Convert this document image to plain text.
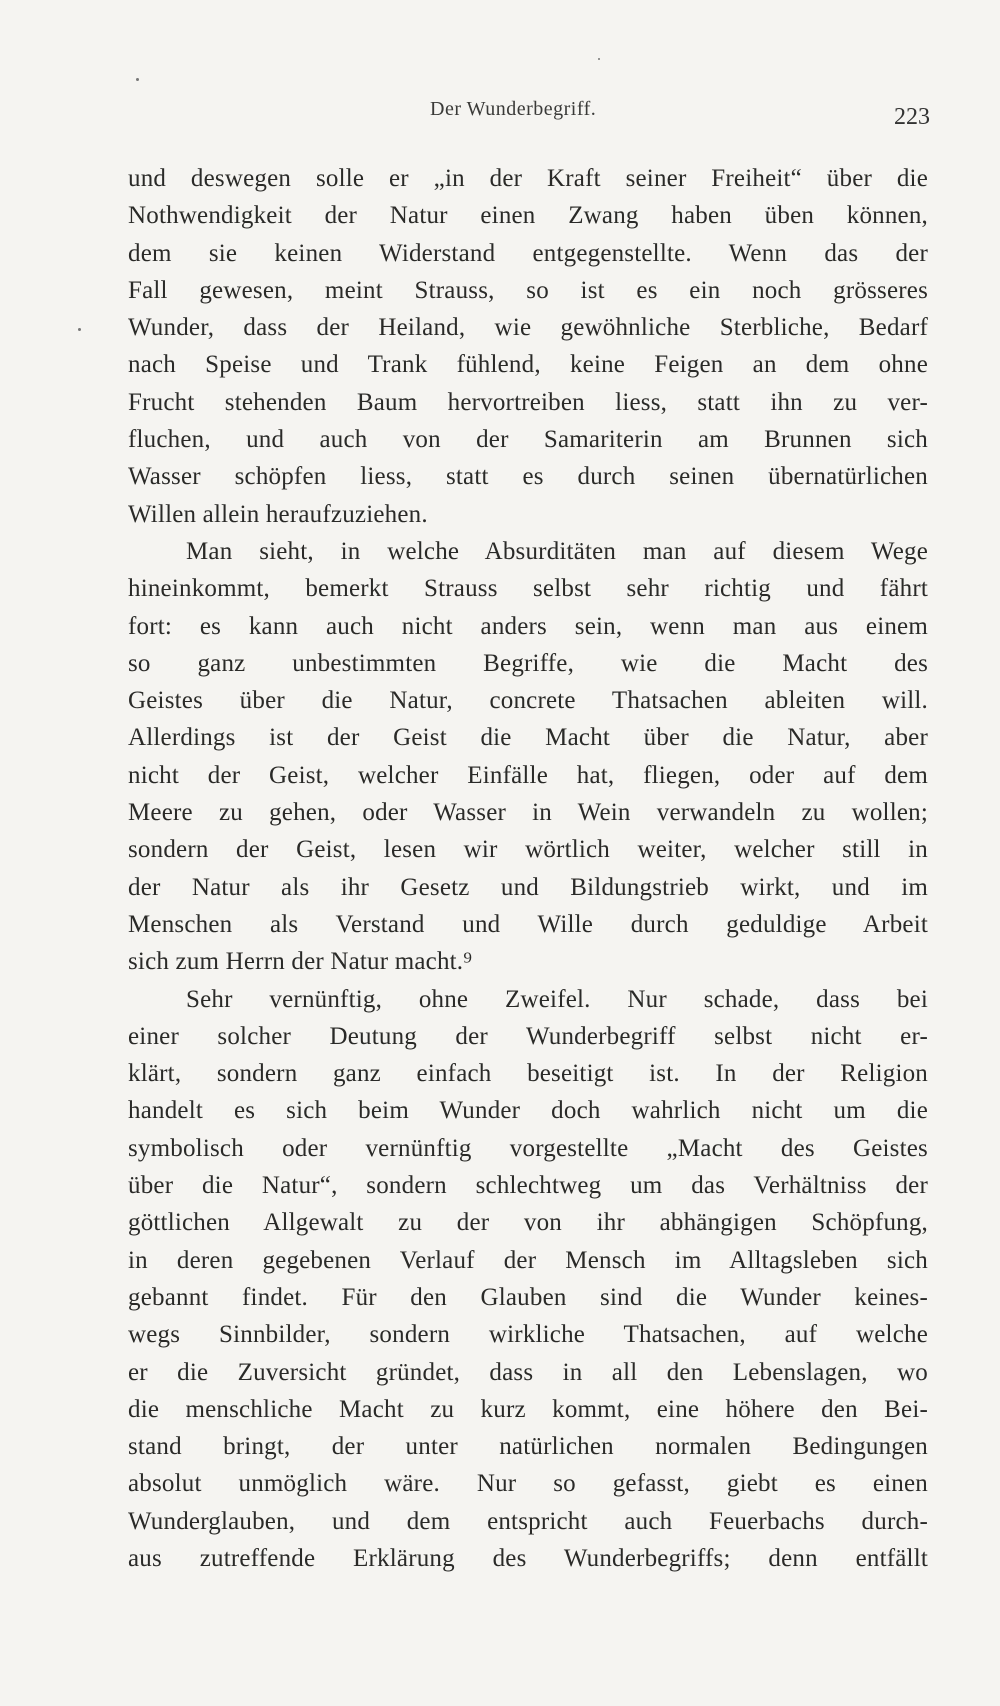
Der Wunderbegriff.	223
und deswegen solle er „in der Kraft seiner Freiheit“ über die
Nothwendigkeit der Natur einen Zwang haben üben können,
dem sie keinen Widerstand entgegenstellte. Wenn das der
Fall gewesen, meint Strauss, so ist es ein noch grösseres
Wunder, dass der Heiland, wie gewöhnliche Sterbliche, Bedarf
nach Speise und Trank fühlend, keine Feigen an dem ohne
Frucht stehenden Baum hervortreiben liess, statt ihn zu ver-
fluchen, und auch von der Samariterin am Brunnen sich
Wasser schöpfen liess, statt es durch seinen übernatürlichen
Willen allein heraufzuziehen.
Man sieht, in welche Absurditäten man auf diesem Wege
hineinkommt, bemerkt Strauss selbst sehr richtig und fährt
fort: es kann auch nicht anders sein, wenn man aus einem
so ganz unbestimmten Begriffe, wie die Macht des
Geistes über die Natur, concrete Thatsachen ableiten will.
Allerdings ist der Geist die Macht über die Natur, aber
nicht der Geist, welcher Einfälle hat, fliegen, oder auf dem
Meere zu gehen, oder Wasser in Wein verwandeln zu wollen;
sondern der Geist, lesen wir wörtlich weiter, welcher still in
der Natur als ihr Gesetz und Bildungstrieb wirkt, und im
Menschen als Verstand und Wille durch geduldige Arbeit
sich zum Herrn der Natur macht.⁹
Sehr vernünftig, ohne Zweifel. Nur schade, dass bei
einer solcher Deutung der Wunderbegriff selbst nicht er-
klärt, sondern ganz einfach beseitigt ist. In der Religion
handelt es sich beim Wunder doch wahrlich nicht um die
symbolisch oder vernünftig vorgestellte „Macht des Geistes
über die Natur“, sondern schlechtweg um das Verhältniss der
göttlichen Allgewalt zu der von ihr abhängigen Schöpfung,
in deren gegebenen Verlauf der Mensch im Alltagsleben sich
gebannt findet. Für den Glauben sind die Wunder keines-
wegs Sinnbilder, sondern wirkliche Thatsachen, auf welche
er die Zuversicht gründet, dass in all den Lebenslagen, wo
die menschliche Macht zu kurz kommt, eine höhere den Bei-
stand bringt, der unter natürlichen normalen Bedingungen
absolut unmöglich wäre. Nur so gefasst, giebt es einen
Wunderglauben, und dem entspricht auch Feuerbachs durch-
aus zutreffende Erklärung des Wunderbegriffs; denn entfällt
